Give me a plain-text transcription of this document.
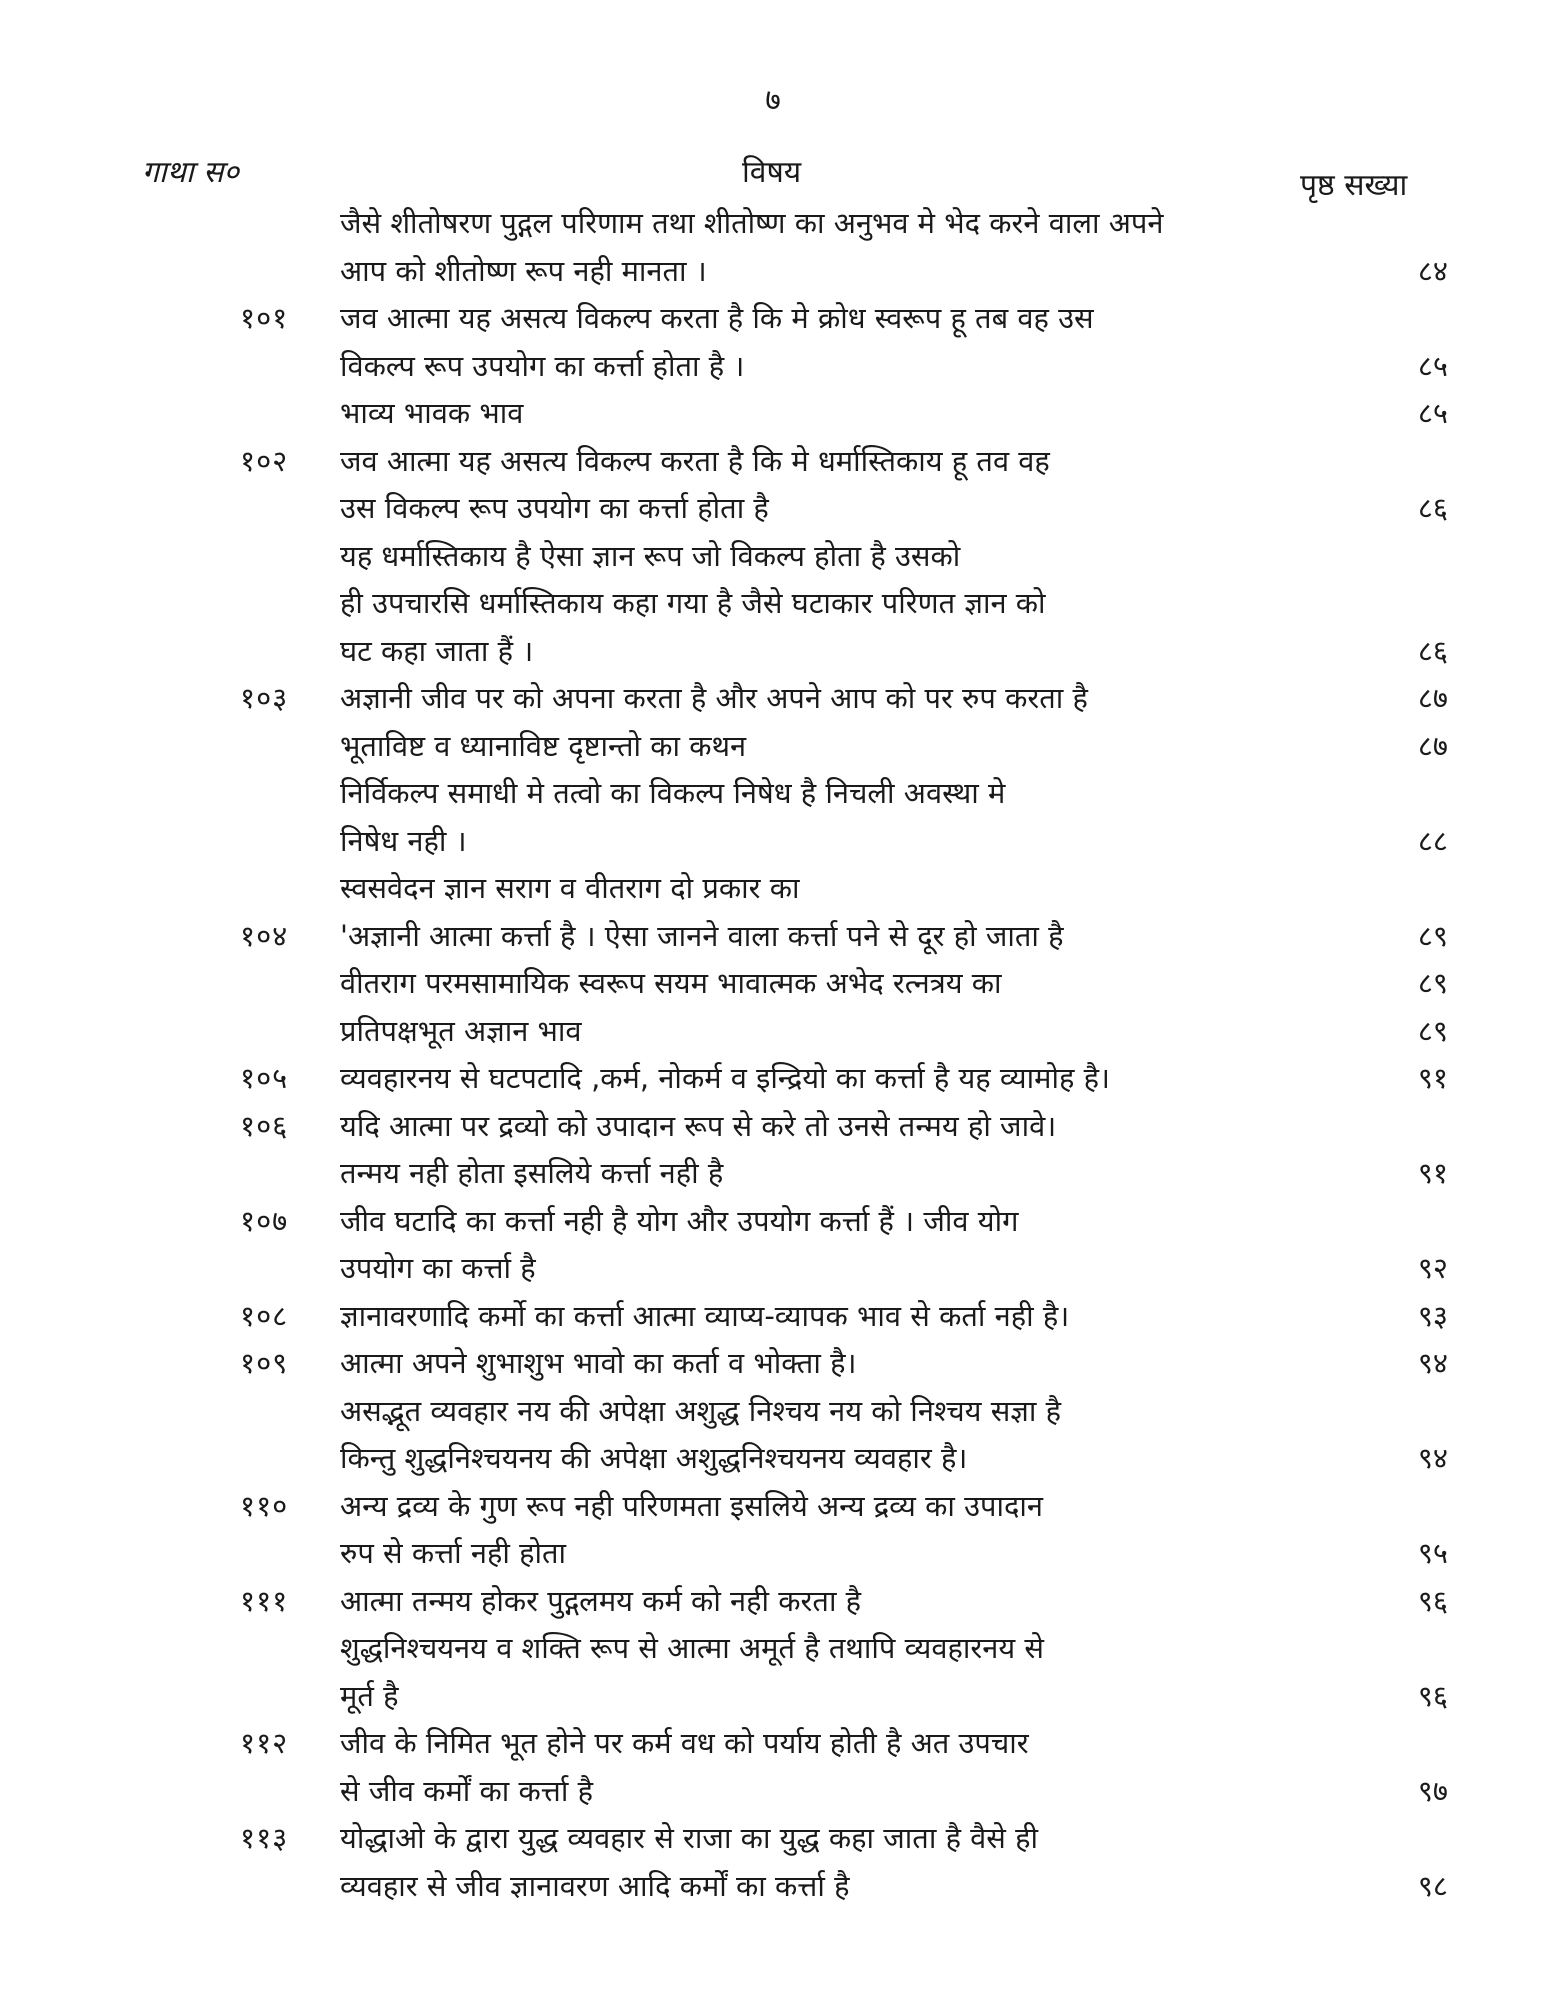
७
गाथा स०	विषय	पृष्ठ सख्या
जैसे शीतोषरण पुद्गल परिणाम तथा शीतोष्ण का अनुभव मे भेद करने वाला अपने
आप को शीतोष्ण रूप नही मानता ।	८४
१०१	जव आत्मा यह असत्य विकल्प करता है कि मे क्रोध स्वरूप हू तब वह उस
विकल्प रूप उपयोग का कर्त्ता होता है ।	८५
भाव्य भावक भाव	८५
१०२	जव आत्मा यह असत्य विकल्प करता है कि मे धर्मास्तिकाय हू तव वह
उस विकल्प रूप उपयोग का कर्त्ता होता है	८६
यह धर्मास्तिकाय है ऐसा ज्ञान रूप जो विकल्प होता है उसको
ही उपचारसि धर्मास्तिकाय कहा गया है जैसे घटाकार परिणत ज्ञान को
घट कहा जाता हैं ।	८६
१०३	अज्ञानी जीव पर को अपना करता है और अपने आप को पर रुप करता है	८७
भूताविष्ट व ध्यानाविष्ट दृष्टान्तो का कथन	८७
निर्विकल्प समाधी मे तत्वो का विकल्प निषेध है निचली अवस्था मे
निषेध नही ।	८८
स्वसवेदन ज्ञान सराग व वीतराग दो प्रकार का
१०४	'अज्ञानी आत्मा कर्त्ता है । ऐसा जानने वाला कर्त्ता पने से दूर हो जाता है	८९
वीतराग परमसामायिक स्वरूप सयम भावात्मक अभेद रत्नत्रय का	८९
प्रतिपक्षभूत अज्ञान भाव	८९
१०५	व्यवहारनय से घटपटादि ,कर्म, नोकर्म व इन्द्रियो का कर्त्ता है यह व्यामोह है।	९१
१०६	यदि आत्मा पर द्रव्यो को उपादान रूप से करे तो उनसे तन्मय हो जावे।
तन्मय नही होता इसलिये कर्त्ता नही है	९१
१०७	जीव घटादि का कर्त्ता नही है योग और उपयोग कर्त्ता हैं । जीव योग
उपयोग का कर्त्ता है	९२
१०८	ज्ञानावरणादि कर्मो का कर्त्ता आत्मा व्याप्य-व्यापक भाव से कर्ता नही है।	९३
१०९	आत्मा अपने शुभाशुभ भावो का कर्ता व भोक्ता है।	९४
असद्भूत व्यवहार नय की अपेक्षा अशुद्ध निश्चय नय को निश्चय सज्ञा है
किन्तु शुद्धनिश्चयनय की अपेक्षा अशुद्धनिश्चयनय व्यवहार है।	९४
११०	अन्य द्रव्य के गुण रूप नही परिणमता इसलिये अन्य द्रव्य का उपादान
रुप से कर्त्ता नही होता	९५
१११	आत्मा तन्मय होकर पुद्गलमय कर्म को नही करता है	९६
शुद्धनिश्चयनय व शक्ति रूप से आत्मा अमूर्त है तथापि व्यवहारनय से
मूर्त है	९६
११२	जीव के निमित भूत होने पर कर्म वध को पर्याय होती है अत उपचार
से जीव कर्मों का कर्त्ता है	९७
११३	योद्धाओ के द्वारा युद्ध व्यवहार से राजा का युद्ध कहा जाता है वैसे ही
व्यवहार से जीव ज्ञानावरण आदि कर्मों का कर्त्ता है	९८
